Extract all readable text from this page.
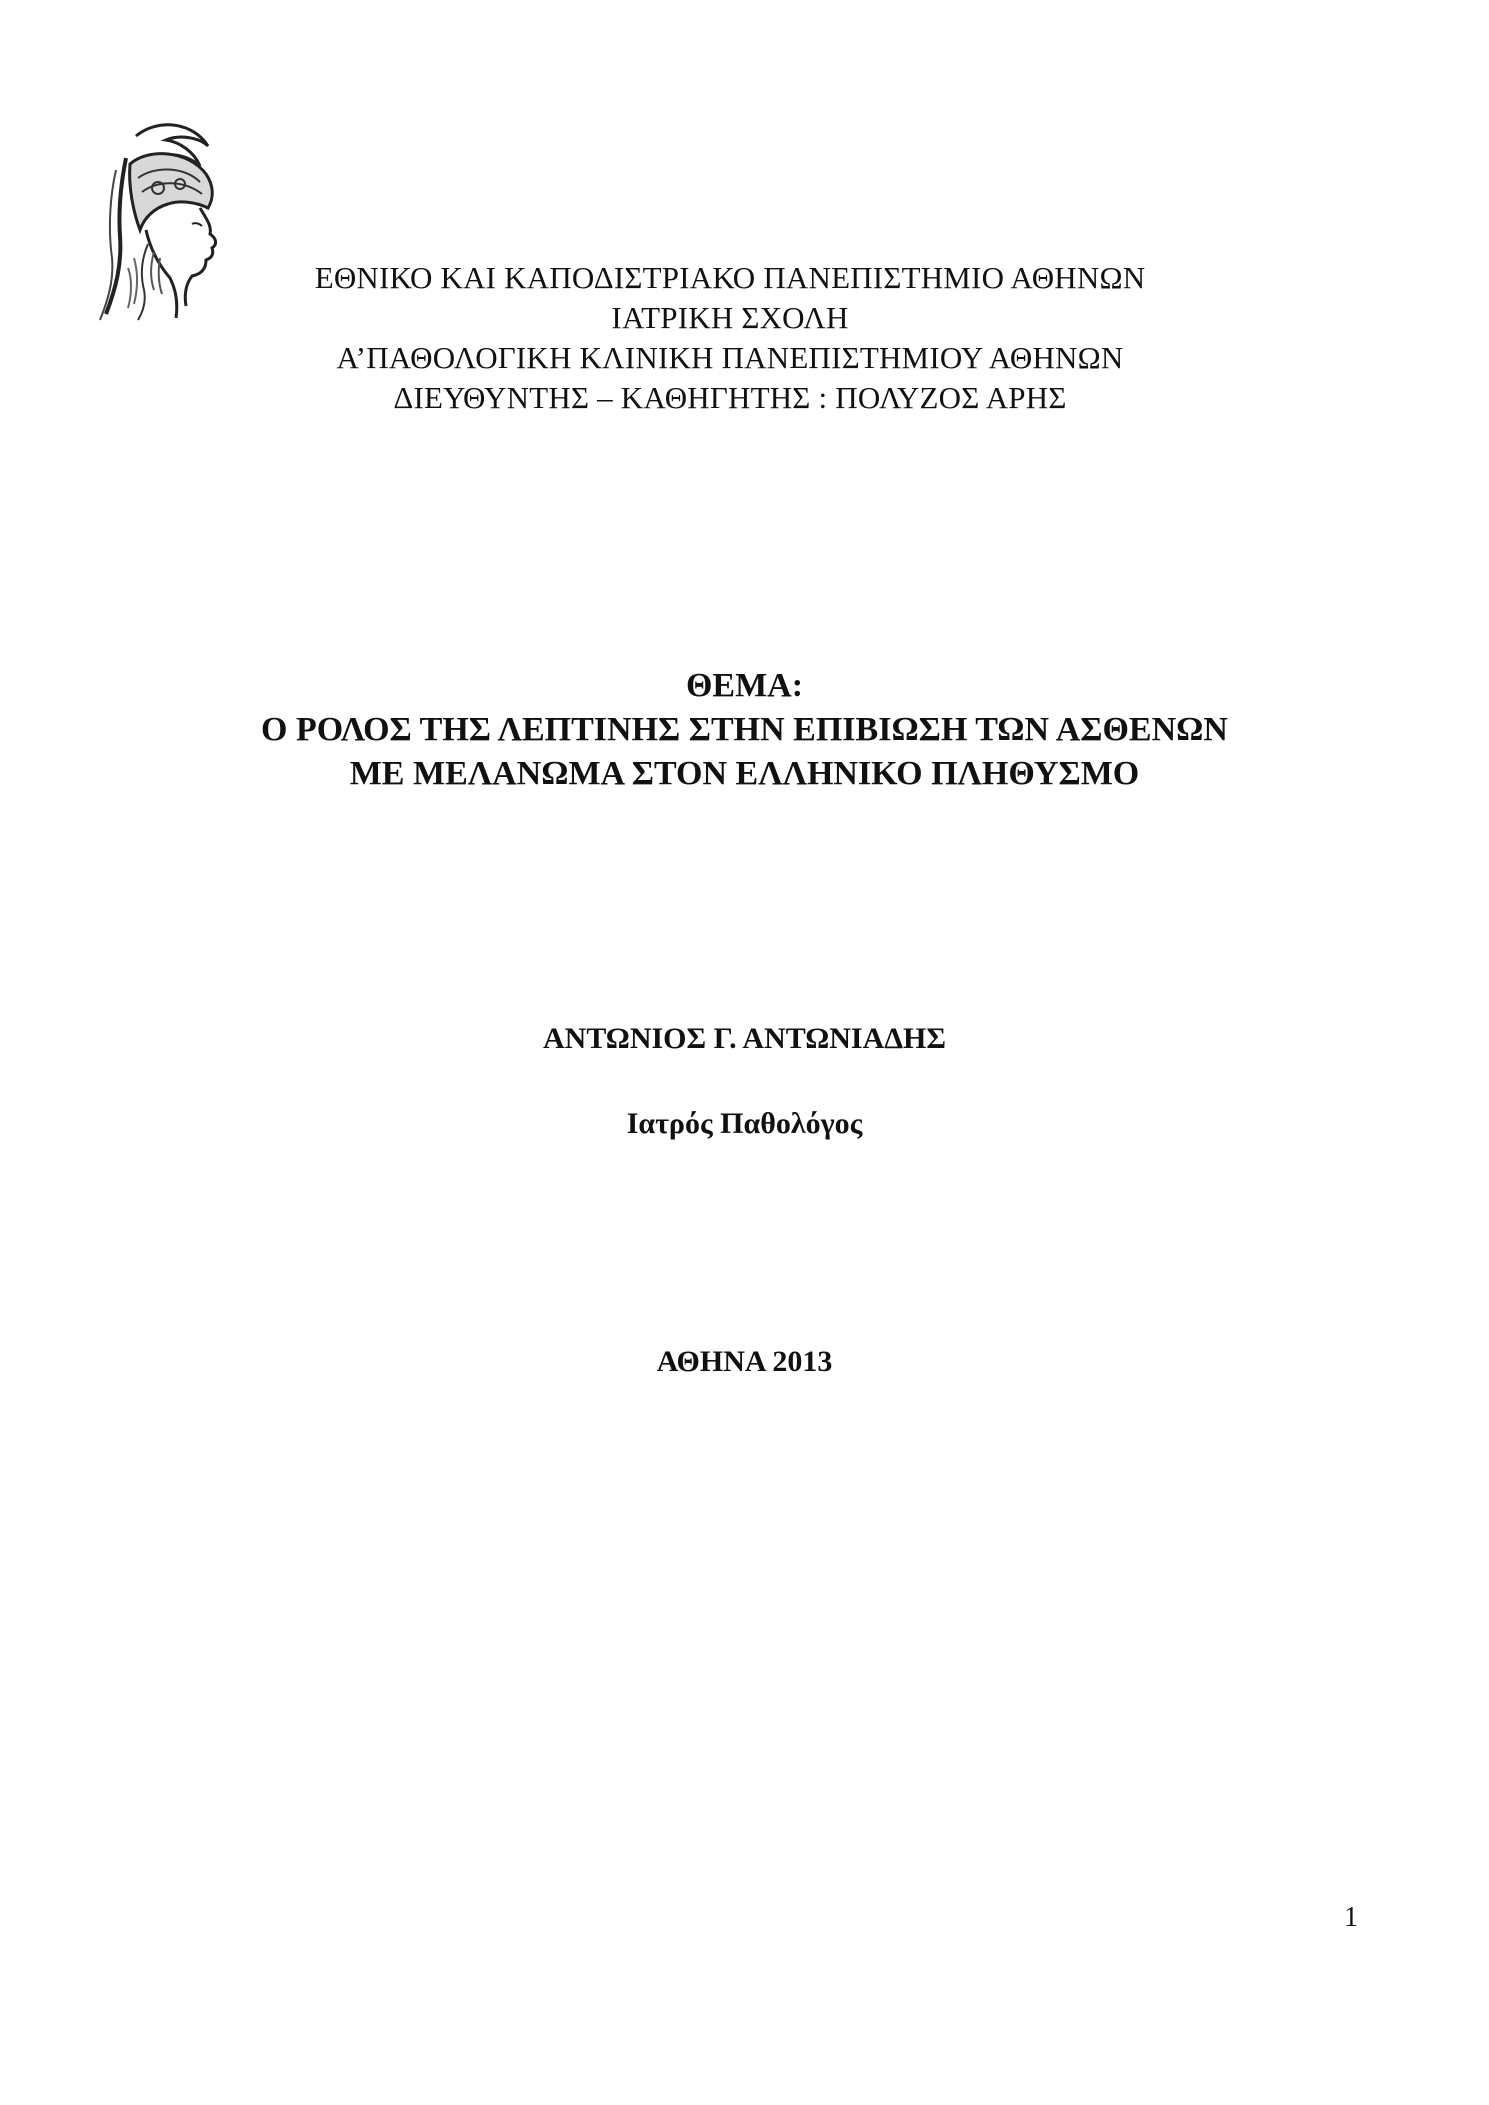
ΕΘΝΙΚΟ ΚΑΙ ΚΑΠΟΔΙΣΤΡΙΑΚΟ ΠΑΝΕΠΙΣΤΗΜΙΟ ΑΘΗΝΩΝ
ΙΑΤΡΙΚΗ ΣΧΟΛΗ
Α’ΠΑΘΟΛΟΓΙΚΗ ΚΛΙΝΙΚΗ ΠΑΝΕΠΙΣΤΗΜΙΟΥ ΑΘΗΝΩΝ
ΔΙΕΥΘΥΝΤΗΣ – ΚΑΘΗΓΗΤΗΣ : ΠΟΛΥΖΟΣ ΑΡΗΣ
ΘΕΜΑ:
Ο ΡΟΛΟΣ ΤΗΣ ΛΕΠΤΙΝΗΣ ΣΤΗΝ ΕΠΙΒΙΩΣΗ ΤΩΝ ΑΣΘΕΝΩΝ
ΜΕ ΜΕΛΑΝΩΜΑ ΣΤΟΝ ΕΛΛΗΝΙΚΟ ΠΛΗΘΥΣΜΟ
ΑΝΤΩΝΙΟΣ Γ. ΑΝΤΩΝΙΑΔΗΣ
Ιατρός Παθολόγος
ΑΘΗΝΑ 2013
1
